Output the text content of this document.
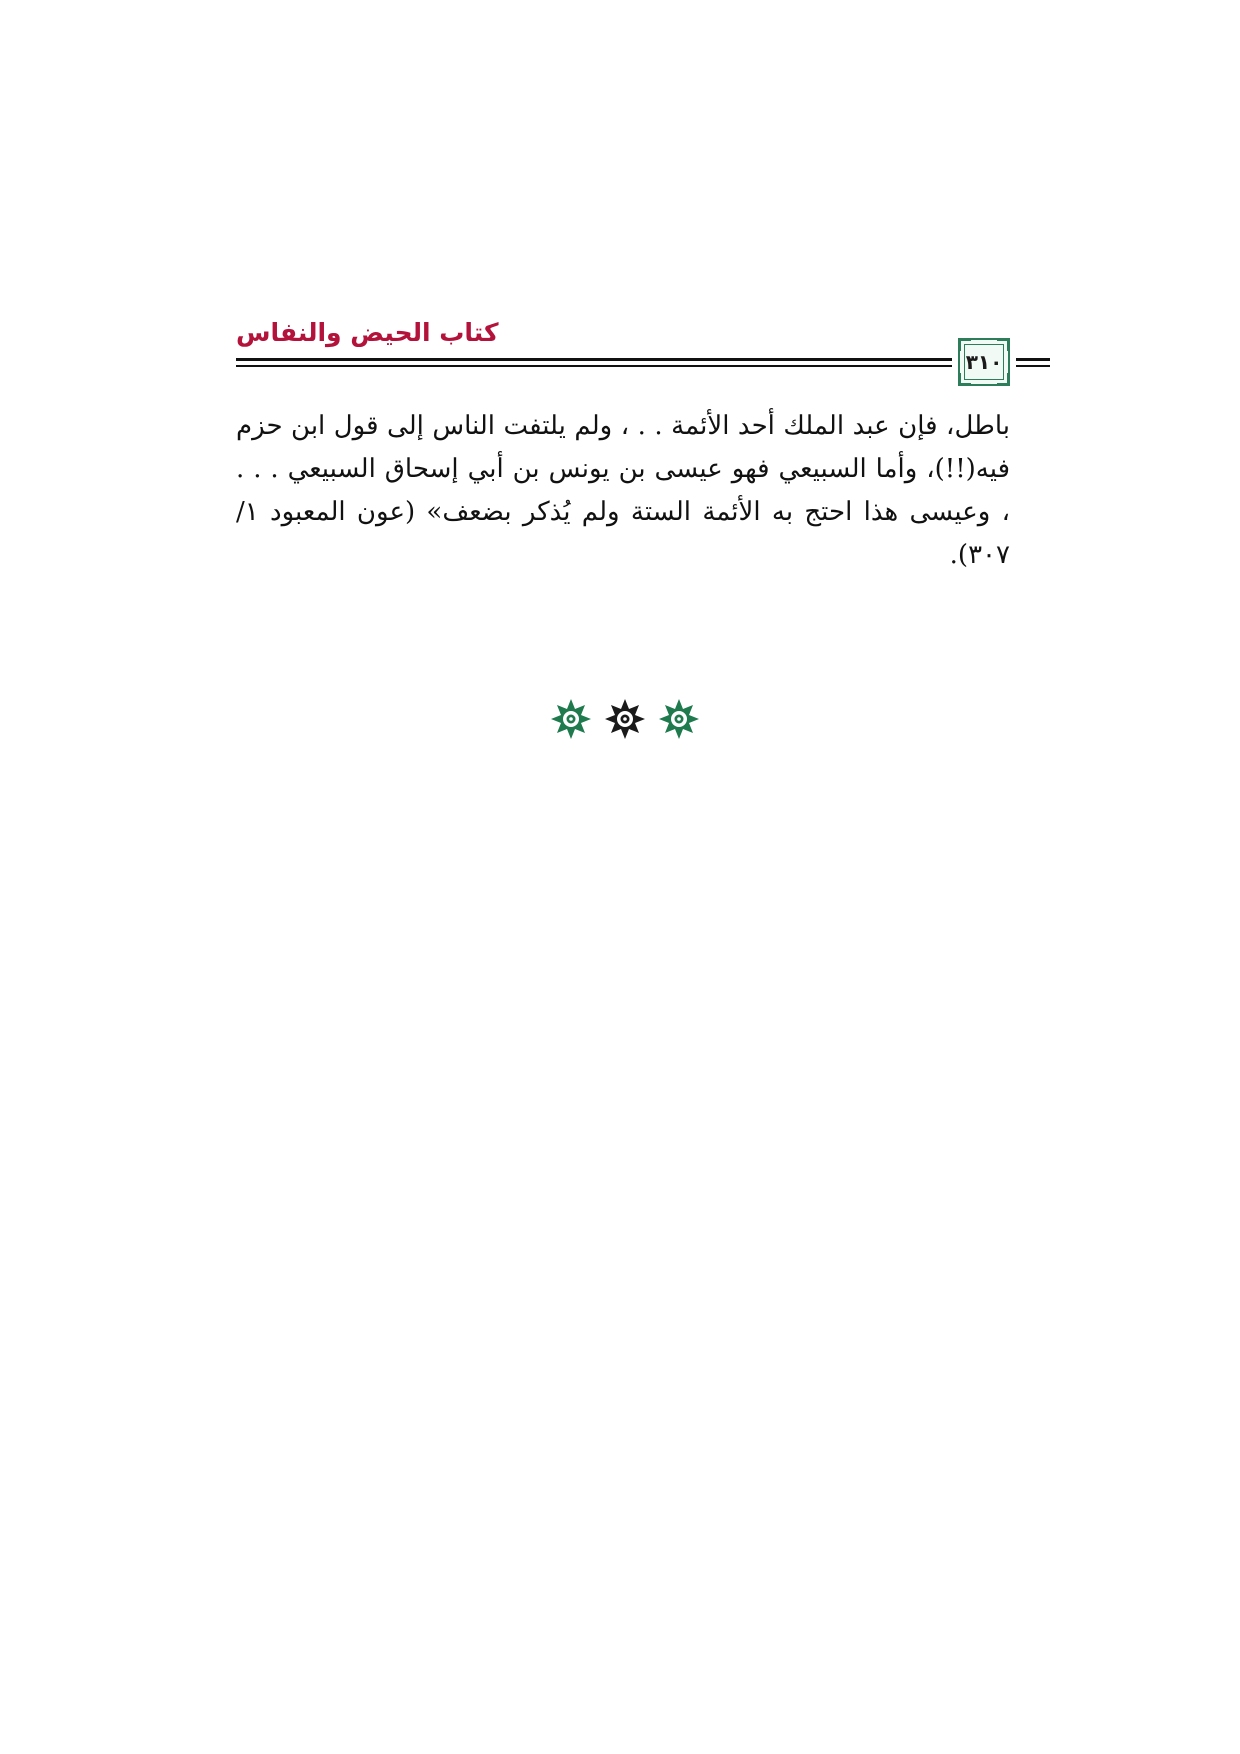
كتاب الحيض والنفاس
٣١٠

باطل، فإن عبد الملك أحد الأئمة . . ، ولم يلتفت الناس إلى قول ابن حزم فيه(!!)، وأما السبيعي فهو عيسى بن يونس بن أبي إسحاق السبيعي . . . ، وعيسى هذا احتج به الأئمة الستة ولم يُذكر بضعف» (عون المعبود ١/ ٣٠٧).
